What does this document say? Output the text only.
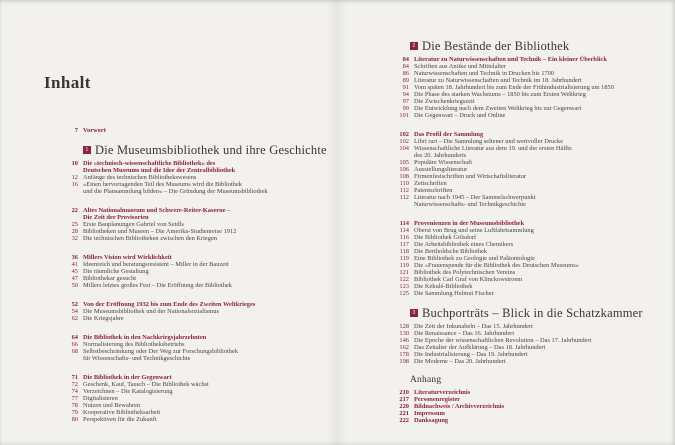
Inhalt
7 Vorwort
1 Die Museumsbibliothek und ihre Geschichte
10 Die »technisch-wissenschaftliche Bibliothek« des
Deutschen Museums und die Idee der Zentralbibliothek
12 Anfänge des technischen Bibliothekswesens
16 »Einen hervorragenden Teil des Museums wird die Bibliothek
und die Plansammlung bilden« – Die Gründung der Museumsbibliothek
22 Altes Nationalmuseum und Schwere-Reiter-Kaserne –
Die Zeit der Provisorien
25 Erste Bauplanungen Gabriel von Seidls
28 Bibliotheken und Museen – Die Amerika-Studienreise 1912
32 Die technischen Bibliotheken zwischen den Kriegen
36 Millers Vision wird Wirklichkeit
41 Ideenreich und beratungsresistent – Miller in der Bauzeit
45 Die räumliche Gestaltung
47 Bibliothekar gesucht
50 Millers letztes großes Fest – Die Eröffnung der Bibliothek
52 Von der Eröffnung 1932 bis zum Ende des Zweiten Weltkrieges
54 Die Museumsbibliothek und der Nationalsozialismus
62 Die Kriegsjahre
64 Die Bibliothek in den Nachkriegsjahrzehnten
66 Normalisierung des Bibliotheksbetriebs
68 Selbstbeschränkung oder Der Weg zur Forschungsbibliothek
für Wissenschafts- und Technikgeschichte
71 Die Bibliothek in der Gegenwart
72 Geschenk, Kauf, Tausch – Die Bibliothek wächst
74 Verzeichnen – Die Katalogisierung
77 Digitalisieren
78 Nutzen und Bewahren
79 Kooperative Bibliotheksarbeit
80 Perspektiven für die Zukunft
2 Die Bestände der Bibliothek
84 Literatur zu Naturwissenschaften und Technik – Ein kleiner Überblick
84 Schriften aus Antike und Mittelalter
86 Naturwissenschaften und Technik in Drucken bis 1700
89 Literatur zu Naturwissenschaften und Technik im 18. Jahrhundert
91 Vom späten 18. Jahrhundert bis zum Ende der Frühindustrialisierung um 1850
94 Die Phase des starken Wachstums – 1850 bis zum Ersten Weltkrieg
97 Die Zwischenkriegszeit
99 Die Entwicklung nach dem Zweiten Weltkrieg bis zur Gegenwart
101 Die Gegenwart – Druck und Online
102 Das Profil der Sammlung
102 Libri rari – Die Sammlung seltener und wertvoller Drucke
104 Wissenschaftliche Literatur aus dem 19. und der ersten Hälfte
des 20. Jahrhunderts
105 Populäre Wissenschaft
106 Ausstellungsliteratur
108 Firmenfestschriften und Wirtschaftsliteratur
110 Zeitschriften
112 Patentschriften
112 Literatur nach 1945 – Der Sammelschwerpunkt
Naturwissenschafts- und Technikgeschichte
114 Provenienzen in der Museumsbibliothek
114 Oberst von Brug und seine Luftfahrtsammlung
116 Die Bibliothek Gölsdorf
117 Die Arbeitsbibliothek eines Chemikers
118 Die Bertholdsche Bibliothek
119 Eine Bibliothek zu Geologie und Paläontologie
119 Die »Frauenspende für die Bibliothek des Deutschen Museums«
121 Bibliothek des Polytechnischen Vereins
122 Bibliothek Carl Graf von Klinckowstroem
123 Die Kekulé-Bibliothek
125 Die Sammlung Helmut Fischer
3 Buchporträts – Blick in die Schatzkammer
128 Die Zeit der Inkunabeln – Das 15. Jahrhundert
130 Die Renaissance – Das 16. Jahrhundert
146 Die Epoche der wissenschaftlichen Revolution – Das 17. Jahrhundert
162 Das Zeitalter der Aufklärung – Das 18. Jahrhundert
178 Die Industrialisierung – Das 19. Jahrhundert
198 Die Moderne – Das 20. Jahrhundert
Anhang
210 Literaturverzeichnis
217 Personenregister
220 Bildnachweis / Archivverzeichnis
221 Impressum
222 Danksagung
